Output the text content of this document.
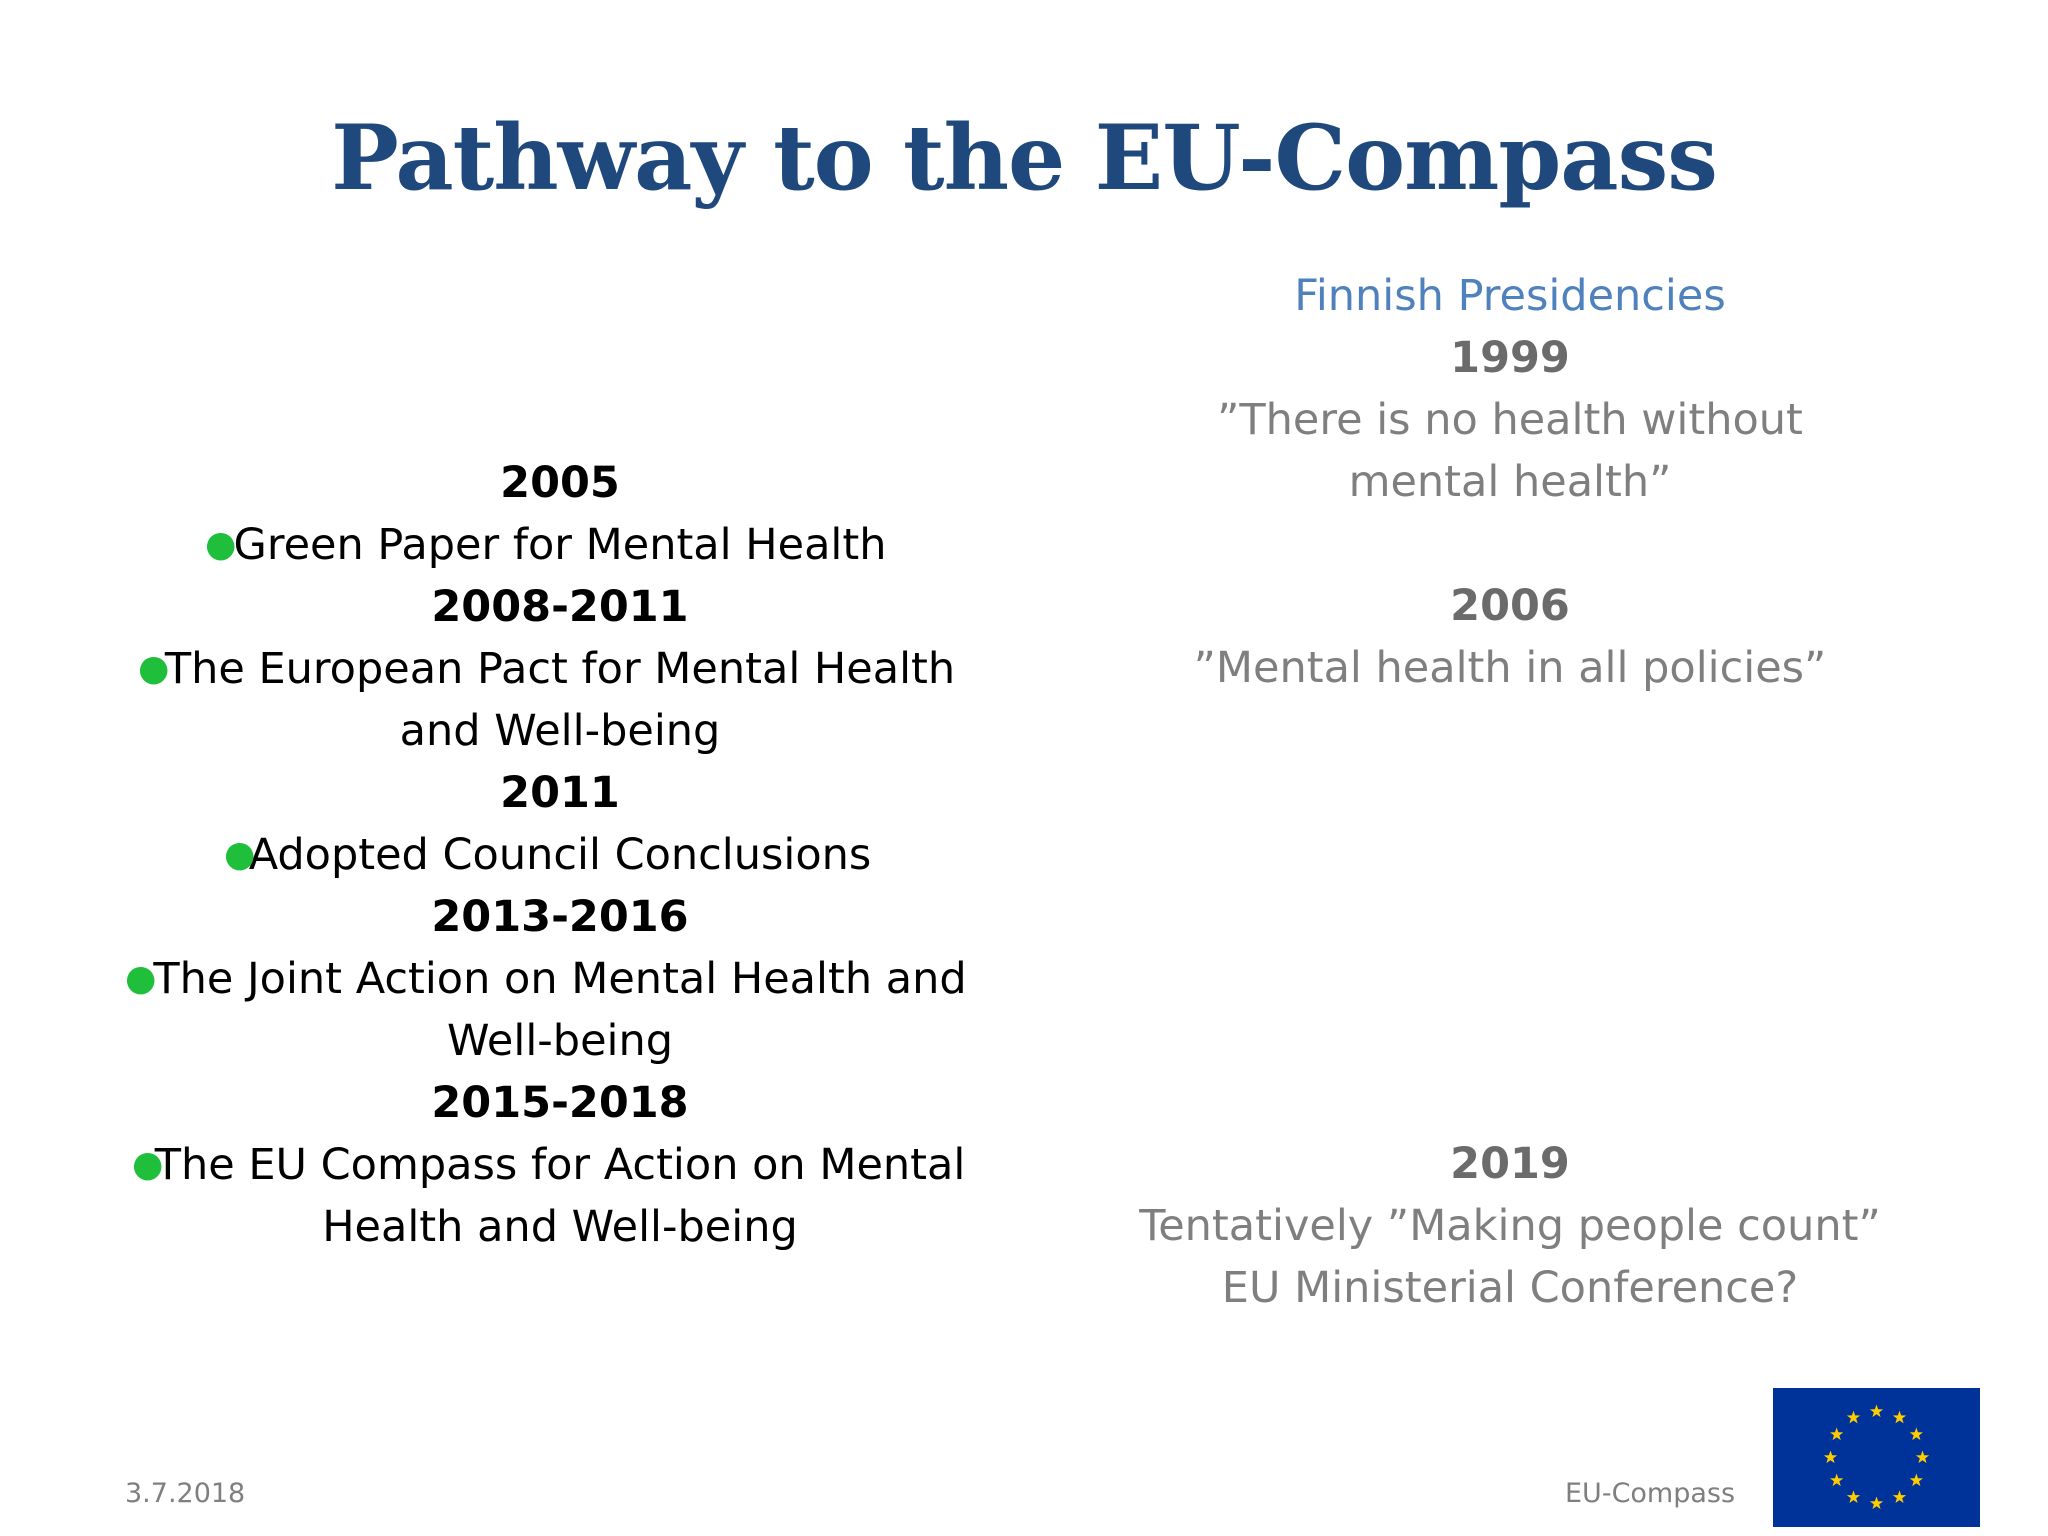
Pathway to the EU-Compass
2005
●
Green Paper for Mental Health
2008-2011
●
The European Pact for Mental Health
and Well-being
2011
●
Adopted Council Conclusions
2013-2016
●
The Joint Action on Mental Health and
Well-being
2015-2018
●
The EU Compass for Action on Mental
Health and Well-being
Finnish Presidencies
1999
”There is no health without
mental health”
2006
”Mental health in all policies”
2019
Tentatively ”Making people count”
EU Ministerial Conference?
3.7.2018	EU-Compass
